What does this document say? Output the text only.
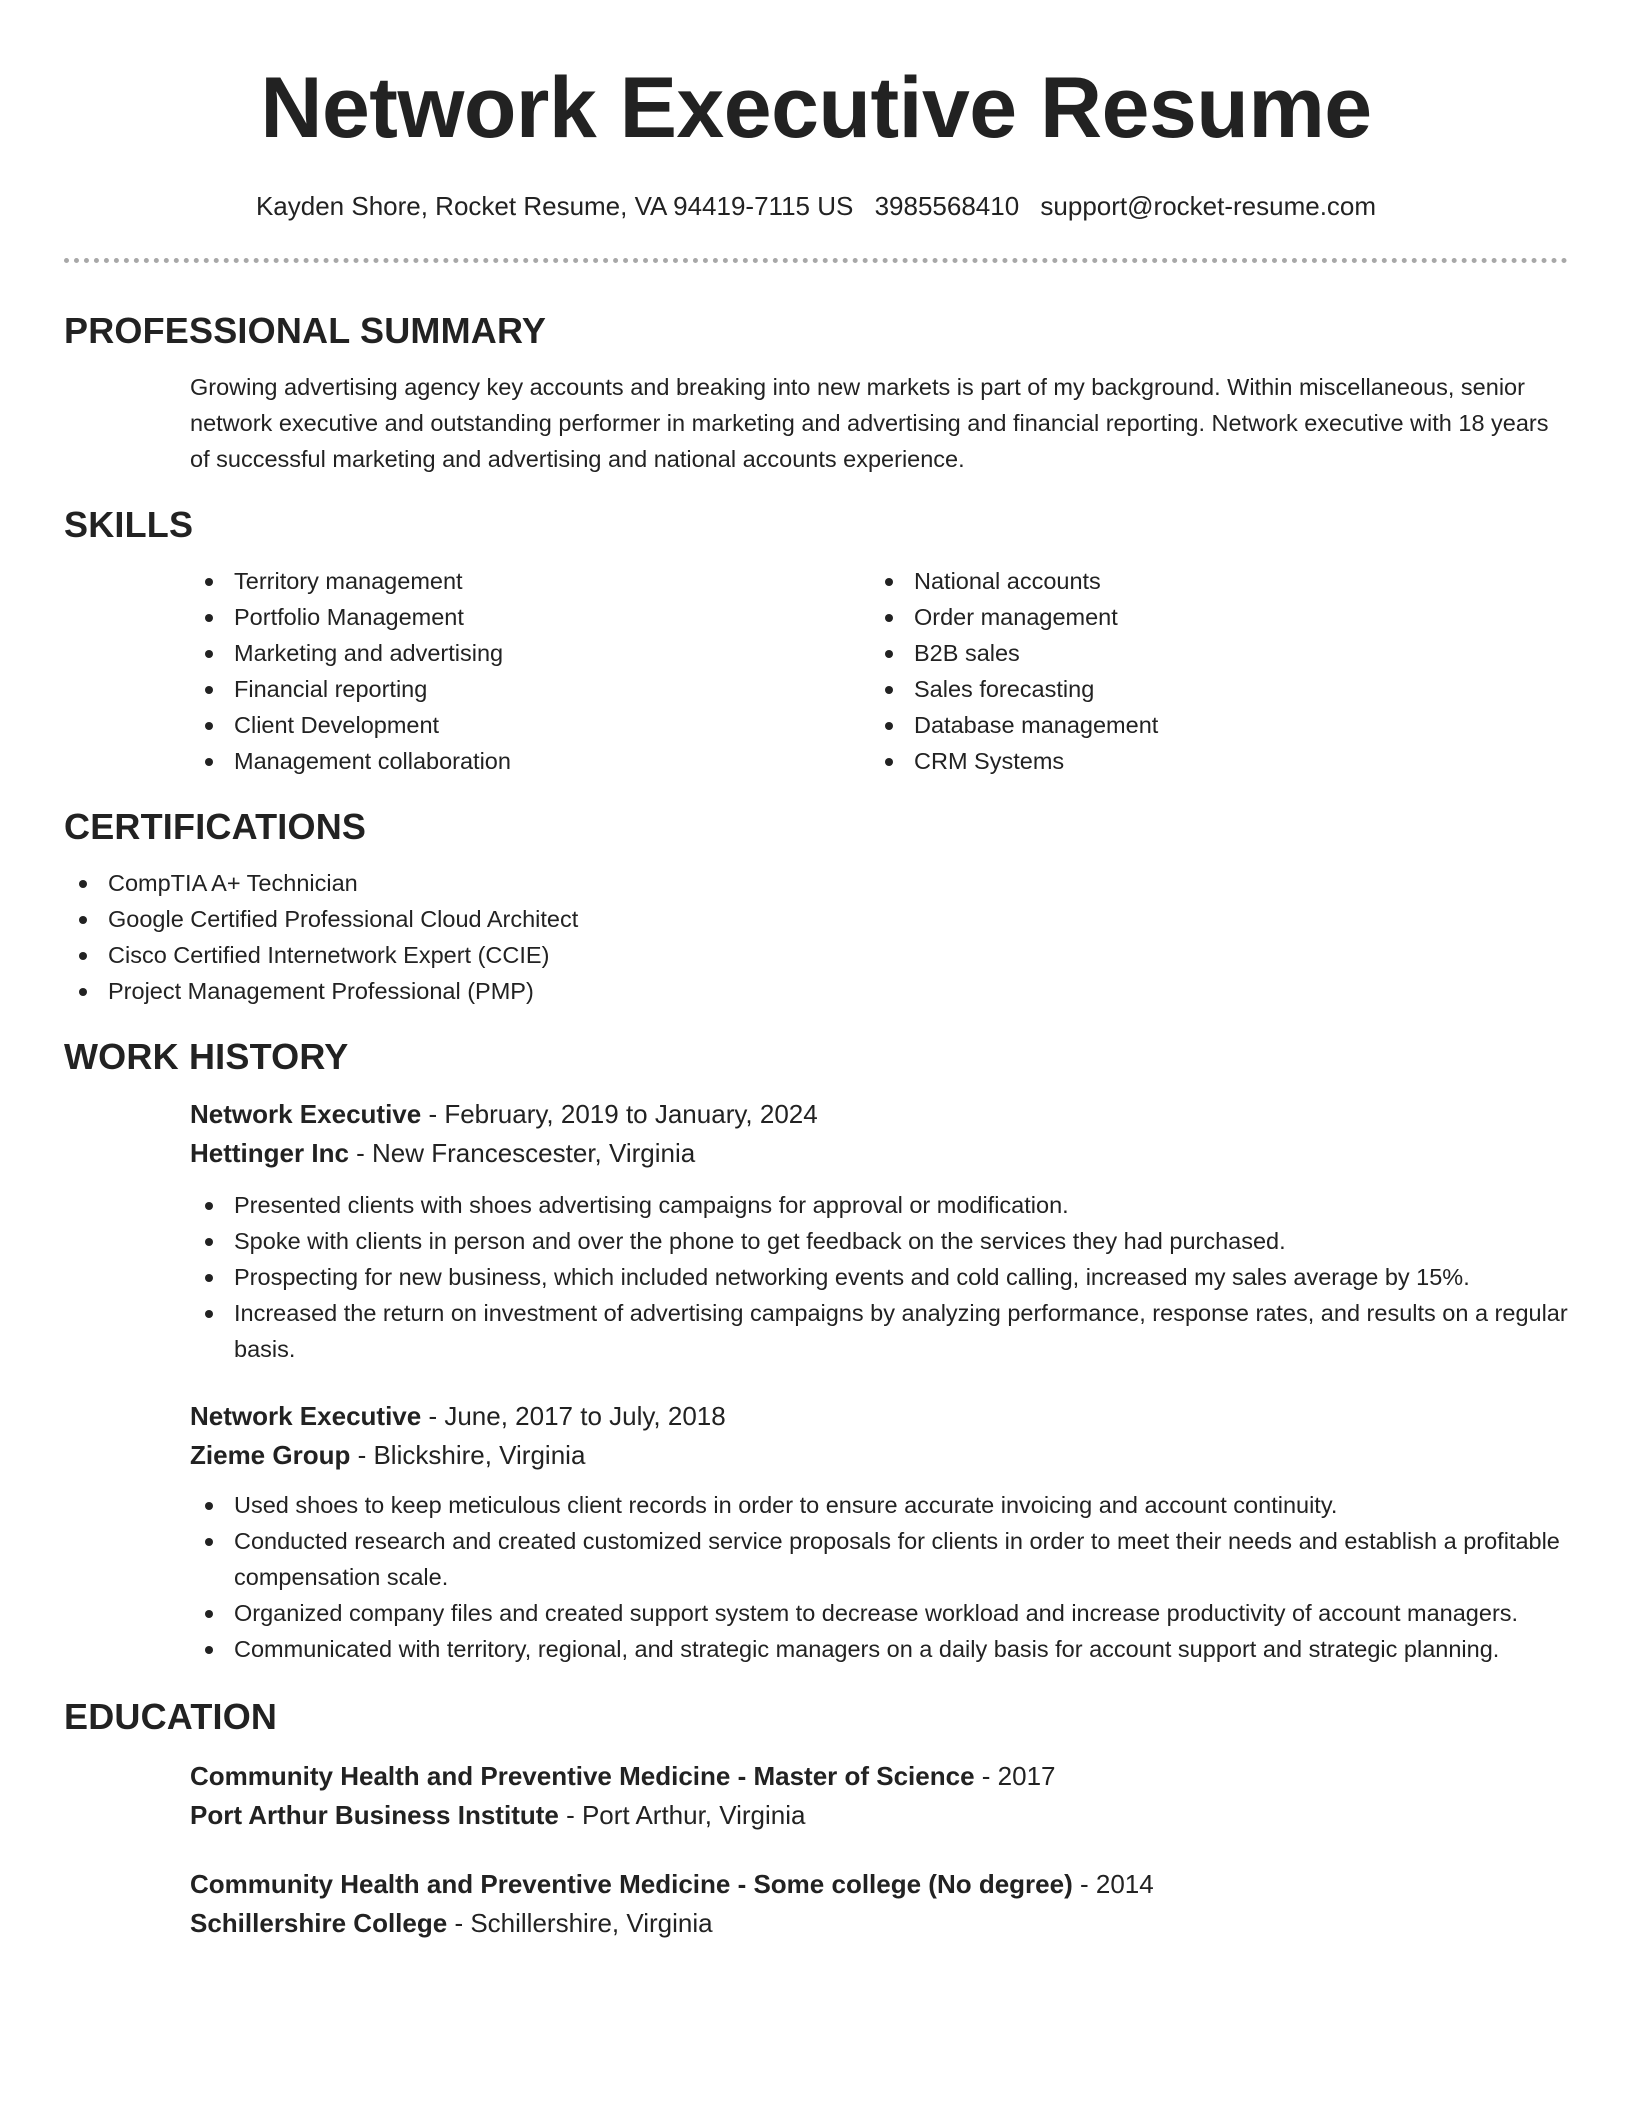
Network Executive Resume
Kayden Shore, Rocket Resume, VA 94419-7115 US 3985568410 support@rocket-resume.com
PROFESSIONAL SUMMARY
Growing advertising agency key accounts and breaking into new markets is part of my background. Within miscellaneous, senior network executive and outstanding performer in marketing and advertising and financial reporting. Network executive with 18 years of successful marketing and advertising and national accounts experience.
SKILLS
Territory management
Portfolio Management
Marketing and advertising
Financial reporting
Client Development
Management collaboration
National accounts
Order management
B2B sales
Sales forecasting
Database management
CRM Systems
CERTIFICATIONS
CompTIA A+ Technician
Google Certified Professional Cloud Architect
Cisco Certified Internetwork Expert (CCIE)
Project Management Professional (PMP)
WORK HISTORY
Network Executive - February, 2019 to January, 2024
Hettinger Inc - New Francescester, Virginia
Presented clients with shoes advertising campaigns for approval or modification.
Spoke with clients in person and over the phone to get feedback on the services they had purchased.
Prospecting for new business, which included networking events and cold calling, increased my sales average by 15%.
Increased the return on investment of advertising campaigns by analyzing performance, response rates, and results on a regular basis.
Network Executive - June, 2017 to July, 2018
Zieme Group - Blickshire, Virginia
Used shoes to keep meticulous client records in order to ensure accurate invoicing and account continuity.
Conducted research and created customized service proposals for clients in order to meet their needs and establish a profitable compensation scale.
Organized company files and created support system to decrease workload and increase productivity of account managers.
Communicated with territory, regional, and strategic managers on a daily basis for account support and strategic planning.
EDUCATION
Community Health and Preventive Medicine - Master of Science - 2017
Port Arthur Business Institute - Port Arthur, Virginia
Community Health and Preventive Medicine - Some college (No degree) - 2014
Schillershire College - Schillershire, Virginia
